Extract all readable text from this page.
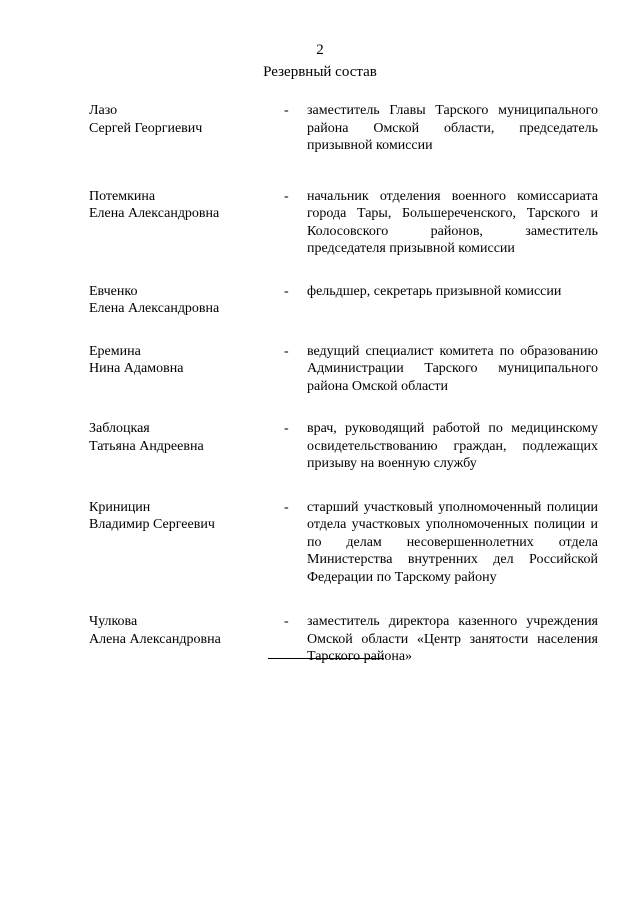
2
Резервный состав
Лазо
Сергей Георгиевич
-	заместитель Главы Тарского муниципального района Омской области, председатель призывной комиссии
Потемкина
Елена Александровна
-	начальник отделения военного комиссариата города Тары, Большереченского, Тарского и Колосовского районов, заместитель председателя призывной комиссии
Евченко
Елена Александровна
-	фельдшер, секретарь призывной комиссии
Еремина
Нина Адамовна
-	ведущий специалист комитета по образованию Администрации Тарского муниципального района Омской области
Заблоцкая
Татьяна Андреевна
-	врач, руководящий работой по медицинскому освидетельствованию граждан, подлежащих призыву на военную службу
Криницин
Владимир Сергеевич
-	старший участковый уполномоченный полиции отдела участковых уполномоченных полиции и по делам несовершеннолетних отдела Министерства внутренних дел Российской Федерации по Тарскому району
Чулкова
Алена Александровна
-	заместитель директора казенного учреждения Омской области «Центр занятости населения Тарского района»
